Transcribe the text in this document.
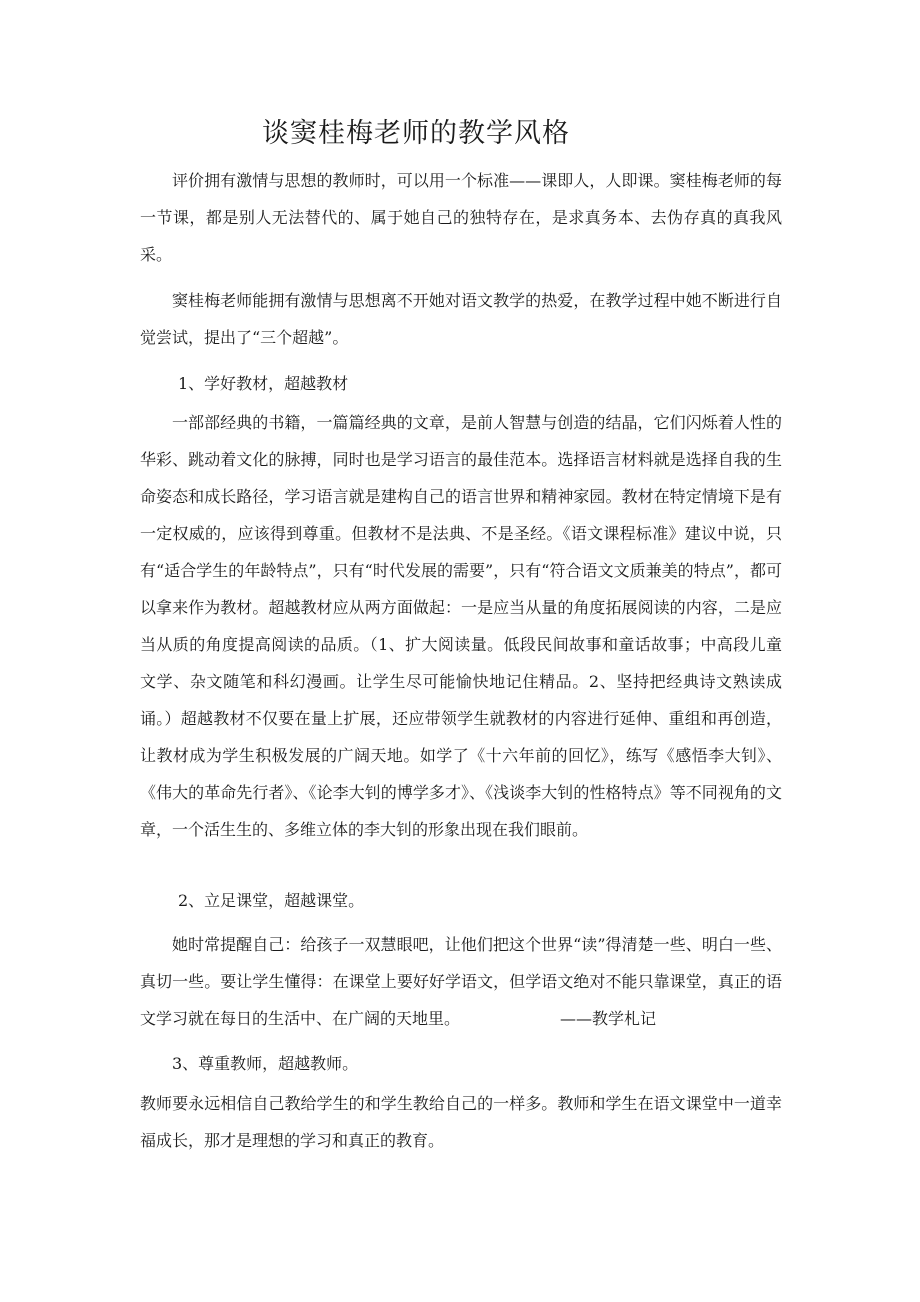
谈窦桂梅老师的教学风格

评价拥有激情与思想的教师时，可以用一个标准——课即人，人即课。窦桂梅老师的每一节课，都是别人无法替代的、属于她自己的独特存在，是求真务本、去伪存真的真我风采。

窦桂梅老师能拥有激情与思想离不开她对语文教学的热爱，在教学过程中她不断进行自觉尝试，提出了“三个超越”。

1、学好教材，超越教材

一部部经典的书籍，一篇篇经典的文章，是前人智慧与创造的结晶，它们闪烁着人性的华彩、跳动着文化的脉搏，同时也是学习语言的最佳范本。选择语言材料就是选择自我的生命姿态和成长路径，学习语言就是建构自己的语言世界和精神家园。教材在特定情境下是有一定权威的，应该得到尊重。但教材不是法典、不是圣经。《语文课程标准》建议中说，只有“适合学生的年龄特点”，只有“时代发展的需要”，只有“符合语文文质兼美的特点”，都可以拿来作为教材。超越教材应从两方面做起：一是应当从量的角度拓展阅读的内容，二是应当从质的角度提高阅读的品质。（1、扩大阅读量。低段民间故事和童话故事；中高段儿童文学、杂文随笔和科幻漫画。让学生尽可能愉快地记住精品。2、坚持把经典诗文熟读成诵。）超越教材不仅要在量上扩展，还应带领学生就教材的内容进行延伸、重组和再创造，让教材成为学生积极发展的广阔天地。如学了《十六年前的回忆》，练写《感悟李大钊》、《伟大的革命先行者》、《论李大钊的博学多才》、《浅谈李大钊的性格特点》等不同视角的文章，一个活生生的、多维立体的李大钊的形象出现在我们眼前。

2、立足课堂，超越课堂。

她时常提醒自己：给孩子一双慧眼吧，让他们把这个世界“读”得清楚一些、明白一些、真切一些。要让学生懂得：在课堂上要好好学语文，但学语文绝对不能只靠课堂，真正的语文学习就在每日的生活中、在广阔的天地里。	——教学札记

3、尊重教师，超越教师。

教师要永远相信自己教给学生的和学生教给自己的一样多。教师和学生在语文课堂中一道幸福成长，那才是理想的学习和真正的教育。
